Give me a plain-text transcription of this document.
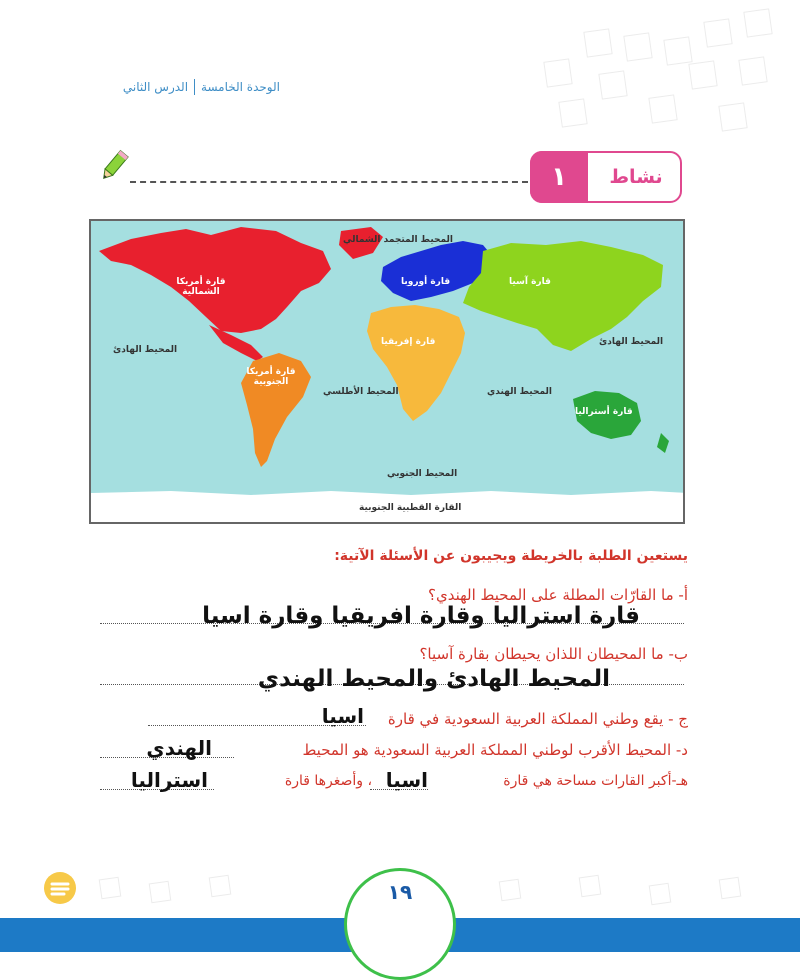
الوحدة الخامسة
الدرس الثاني
١	نشاط
المحيط المتجمد الشمالي
قارة أمريكا الشمالية
قارة أوروبا	قارة آسيا
المحيط الهادئ
المحيط الهادئ
قارة إفريقيا
قارة أمريكا الجنوبية
المحيط الأطلسي	المحيط الهندي
قارة أستراليا
المحيط الجنوبي
القارة القطبية الجنوبية
يستعين الطلبة بالخريطة ويجيبون عن الأسئلة الآتية:
أ- ما القارّات المطلة على المحيط الهندي؟
قارة استراليا وقارة افريقيا وقارة اسيا
ب- ما المحيطان اللذان يحيطان بقارة آسيا؟
المحيط الهادئ والمحيط الهندي
ج - يقع وطني المملكة العربية السعودية في قارة
اسيا
د- المحيط الأقرب لوطني المملكة العربية السعودية هو المحيط
الهندي
هـ-أكبر القارات مساحة هي قارة
اسيا
، وأصغرها قارة
استراليا
١٩
